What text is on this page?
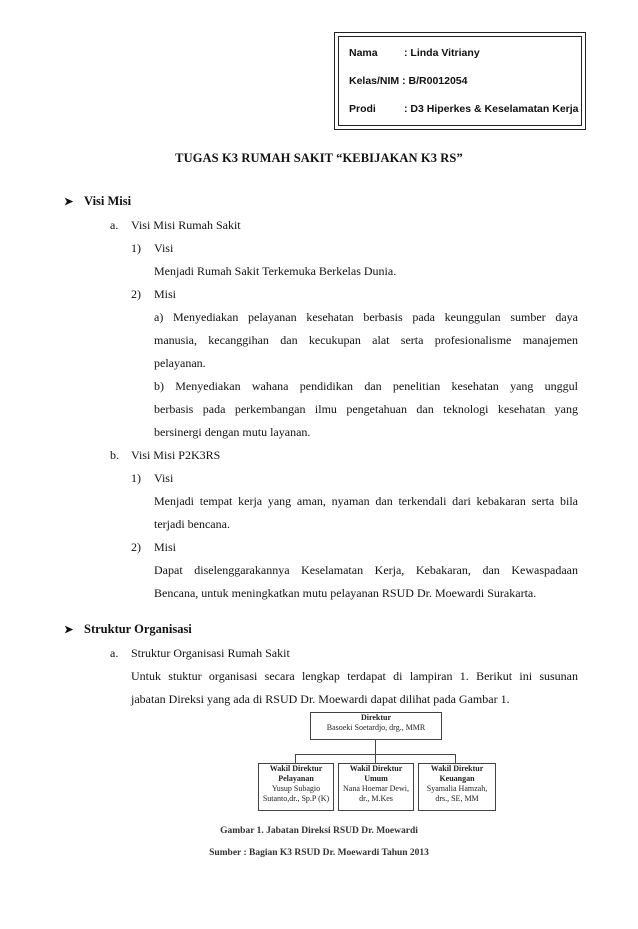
Nama	: Linda Vitriany
Kelas/NIM : B/R0012054
Prodi	: D3 Hiperkes & Keselamatan Kerja
TUGAS K3 RUMAH SAKIT “KEBIJAKAN K3 RS”
➤ Visi Misi
a. Visi Misi Rumah Sakit
1) Visi
Menjadi Rumah Sakit Terkemuka Berkelas Dunia.
2) Misi
a) Menyediakan pelayanan kesehatan berbasis pada keunggulan sumber daya
manusia, kecanggihan dan kecukupan alat serta profesionalisme manajemen
pelayanan.
b) Menyediakan wahana pendidikan dan penelitian kesehatan yang unggul
berbasis pada perkembangan ilmu pengetahuan dan teknologi kesehatan yang
bersinergi dengan mutu layanan.
b. Visi Misi P2K3RS
1) Visi
Menjadi tempat kerja yang aman, nyaman dan terkendali dari kebakaran serta bila
terjadi bencana.
2) Misi
Dapat diselenggarakannya Keselamatan Kerja, Kebakaran, dan Kewaspadaan
Bencana, untuk meningkatkan mutu pelayanan RSUD Dr. Moewardi Surakarta.
➤ Struktur Organisasi
a. Struktur Organisasi Rumah Sakit
Untuk stuktur organisasi secara lengkap terdapat di lampiran 1. Berikut ini susunan
jabatan Direksi yang ada di RSUD Dr. Moewardi dapat dilihat pada Gambar 1.
Direktur
Basoeki Soetardjo, drg., MMR
Wakil Direktur
Pelayanan
Yusup Subagio
Sutanto,dr., Sp.P (K)
Wakil Direktur
Umum
Nana Hoemar Dewi,
dr., M.Kes
Wakil Direktur
Keuangan
Syamalia Hamzah,
drs., SE, MM
Gambar 1. Jabatan Direksi RSUD Dr. Moewardi
Sumber : Bagian K3 RSUD Dr. Moewardi Tahun 2013
